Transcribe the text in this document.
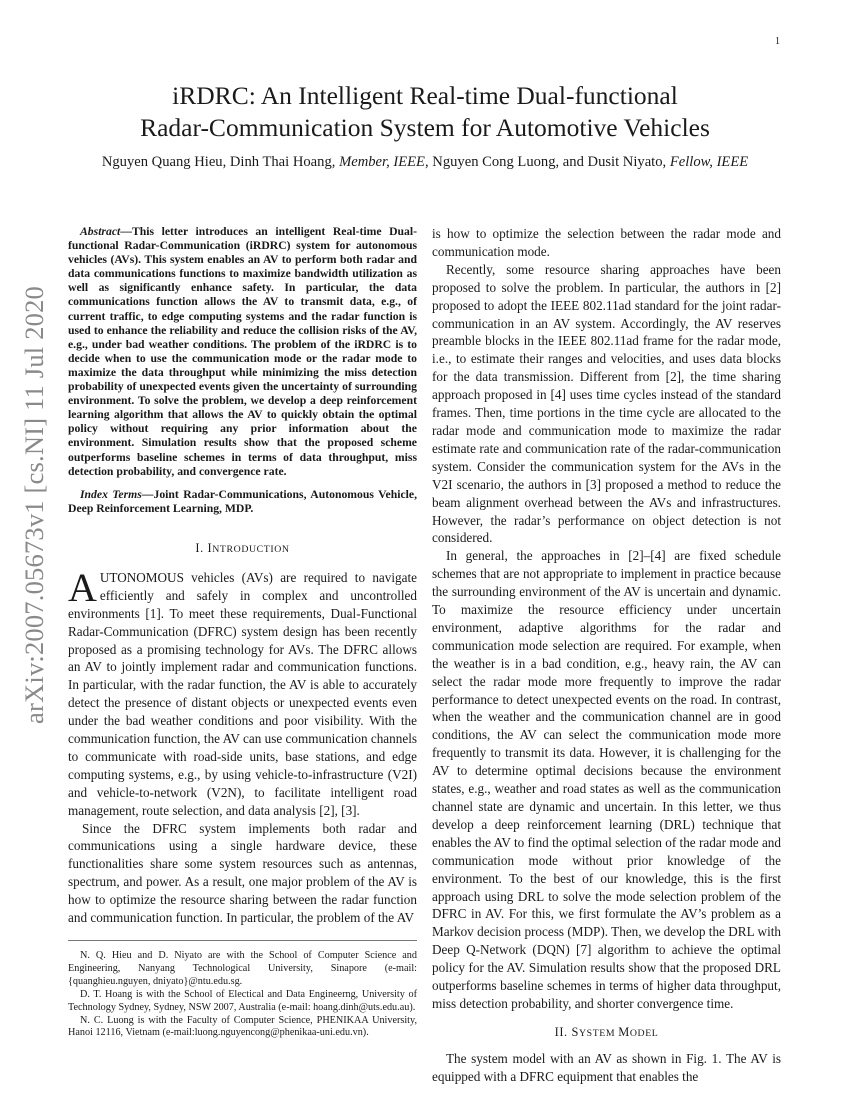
1
arXiv:2007.05673v1 [cs.NI] 11 Jul 2020
iRDRC: An Intelligent Real-time Dual-functional
Radar-Communication System for Automotive Vehicles
Nguyen Quang Hieu, Dinh Thai Hoang, Member, IEEE, Nguyen Cong Luong, and Dusit Niyato, Fellow, IEEE

Abstract—This letter introduces an intelligent Real-time Dual-functional Radar-Communication (iRDRC) system for autonomous vehicles (AVs). This system enables an AV to perform both radar and data communications functions to maximize bandwidth utilization as well as significantly enhance safety. In particular, the data communications function allows the AV to transmit data, e.g., of current traffic, to edge computing systems and the radar function is used to enhance the reliability and reduce the collision risks of the AV, e.g., under bad weather conditions. The problem of the iRDRC is to decide when to use the communication mode or the radar mode to maximize the data throughput while minimizing the miss detection probability of unexpected events given the uncertainty of surrounding environment. To solve the problem, we develop a deep reinforcement learning algorithm that allows the AV to quickly obtain the optimal policy without requiring any prior information about the environment. Simulation results show that the proposed scheme outperforms baseline schemes in terms of data throughput, miss detection probability, and convergence rate.

Index Terms—Joint Radar-Communications, Autonomous Vehicle, Deep Reinforcement Learning, MDP.

I. INTRODUCTION

AUTONOMOUS vehicles (AVs) are required to navigate efficiently and safely in complex and uncontrolled environments [1]. To meet these requirements, Dual-Functional Radar-Communication (DFRC) system design has been recently proposed as a promising technology for AVs. The DFRC allows an AV to jointly implement radar and communication functions. In particular, with the radar function, the AV is able to accurately detect the presence of distant objects or unexpected events even under the bad weather conditions and poor visibility. With the communication function, the AV can use communication channels to communicate with road-side units, base stations, and edge computing systems, e.g., by using vehicle-to-infrastructure (V2I) and vehicle-to-network (V2N), to facilitate intelligent road management, route selection, and data analysis [2], [3].

Since the DFRC system implements both radar and communications using a single hardware device, these functionalities share some system resources such as antennas, spectrum, and power. As a result, one major problem of the AV is how to optimize the resource sharing between the radar function and communication function. In particular, the problem of the AV

N. Q. Hieu and D. Niyato are with the School of Computer Science and Engineering, Nanyang Technological University, Sinapore (e-mail: {quanghieu.nguyen, dniyato}@ntu.edu.sg.

D. T. Hoang is with the School of Electical and Data Engineerng, University of Technology Sydney, Sydney, NSW 2007, Australia (e-mail: hoang.dinh@uts.edu.au).

N. C. Luong is with the Faculty of Computer Science, PHENIKAA University, Hanoi 12116, Vietnam (e-mail:luong.nguyencong@phenikaa-uni.edu.vn).

is how to optimize the selection between the radar mode and communication mode.

Recently, some resource sharing approaches have been proposed to solve the problem. In particular, the authors in [2] proposed to adopt the IEEE 802.11ad standard for the joint radar-communication in an AV system. Accordingly, the AV reserves preamble blocks in the IEEE 802.11ad frame for the radar mode, i.e., to estimate their ranges and velocities, and uses data blocks for the data transmission. Different from [2], the time sharing approach proposed in [4] uses time cycles instead of the standard frames. Then, time portions in the time cycle are allocated to the radar mode and communication mode to maximize the radar estimate rate and communication rate of the radar-communication system. Consider the communication system for the AVs in the V2I scenario, the authors in [3] proposed a method to reduce the beam alignment overhead between the AVs and infrastructures. However, the radar’s performance on object detection is not considered.

In general, the approaches in [2]–[4] are fixed schedule schemes that are not appropriate to implement in practice because the surrounding environment of the AV is uncertain and dynamic. To maximize the resource efficiency under uncertain environment, adaptive algorithms for the radar and communication mode selection are required. For example, when the weather is in a bad condition, e.g., heavy rain, the AV can select the radar mode more frequently to improve the radar performance to detect unexpected events on the road. In contrast, when the weather and the communication channel are in good conditions, the AV can select the communication mode more frequently to transmit its data. However, it is challenging for the AV to determine optimal decisions because the environment states, e.g., weather and road states as well as the communication channel state are dynamic and uncertain. In this letter, we thus develop a deep reinforcement learning (DRL) technique that enables the AV to find the optimal selection of the radar mode and communication mode without prior knowledge of the environment. To the best of our knowledge, this is the first approach using DRL to solve the mode selection problem of the DFRC in AV. For this, we first formulate the AV’s problem as a Markov decision process (MDP). Then, we develop the DRL with Deep Q-Network (DQN) [7] algorithm to achieve the optimal policy for the AV. Simulation results show that the proposed DRL outperforms baseline schemes in terms of higher data throughput, miss detection probability, and shorter convergence time.

II. SYSTEM MODEL

The system model with an AV as shown in Fig. 1. The AV is equipped with a DFRC equipment that enables the
